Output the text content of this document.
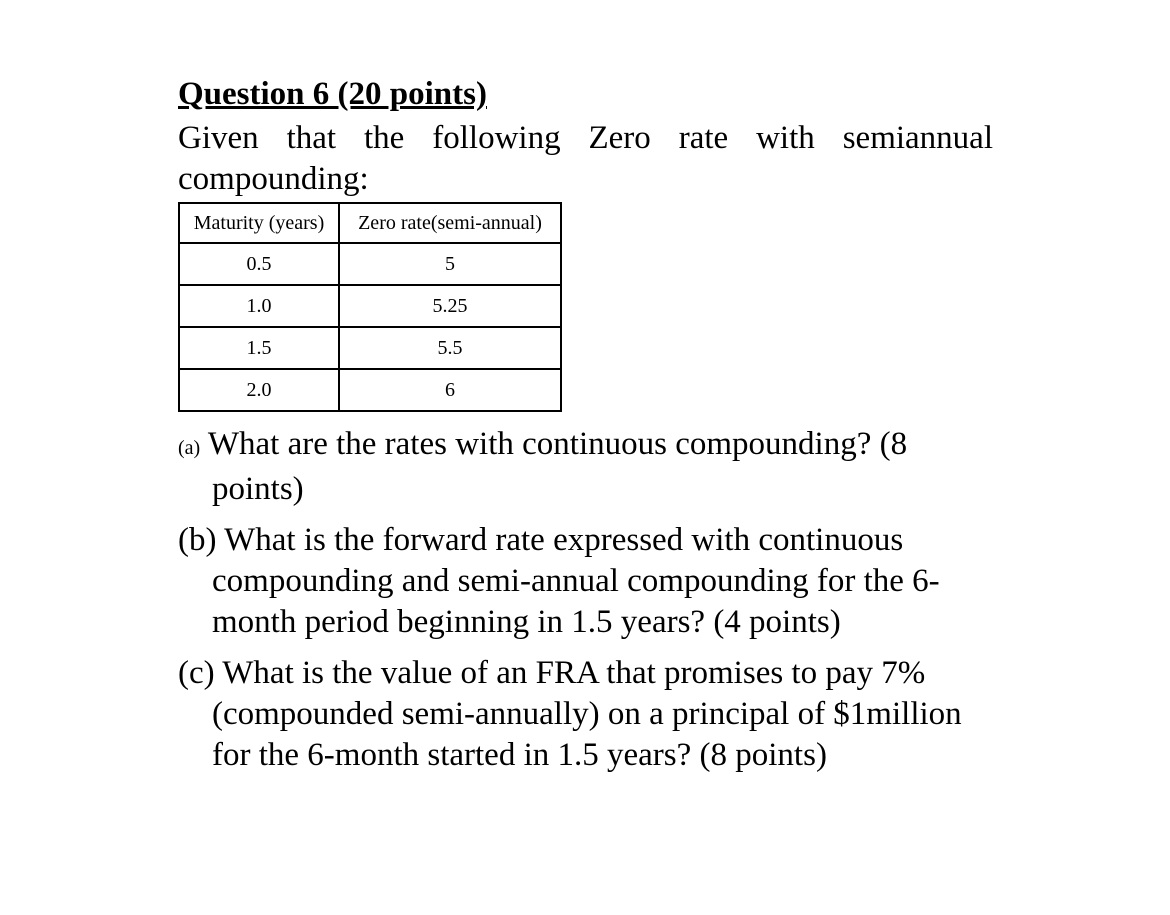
Question 6 (20 points)

Given that the following Zero rate with semiannual compounding:

Maturity (years)	Zero rate(semi-annual)
0.5	5
1.0	5.25
1.5	5.5
2.0	6

(a) What are the rates with continuous compounding? (8 points)

(b) What is the forward rate expressed with continuous compounding and semi-annual compounding for the 6-month period beginning in 1.5 years? (4 points)

(c) What is the value of an FRA that promises to pay 7% (compounded semi-annually) on a principal of $1million for the 6-month started in 1.5 years? (8 points)
